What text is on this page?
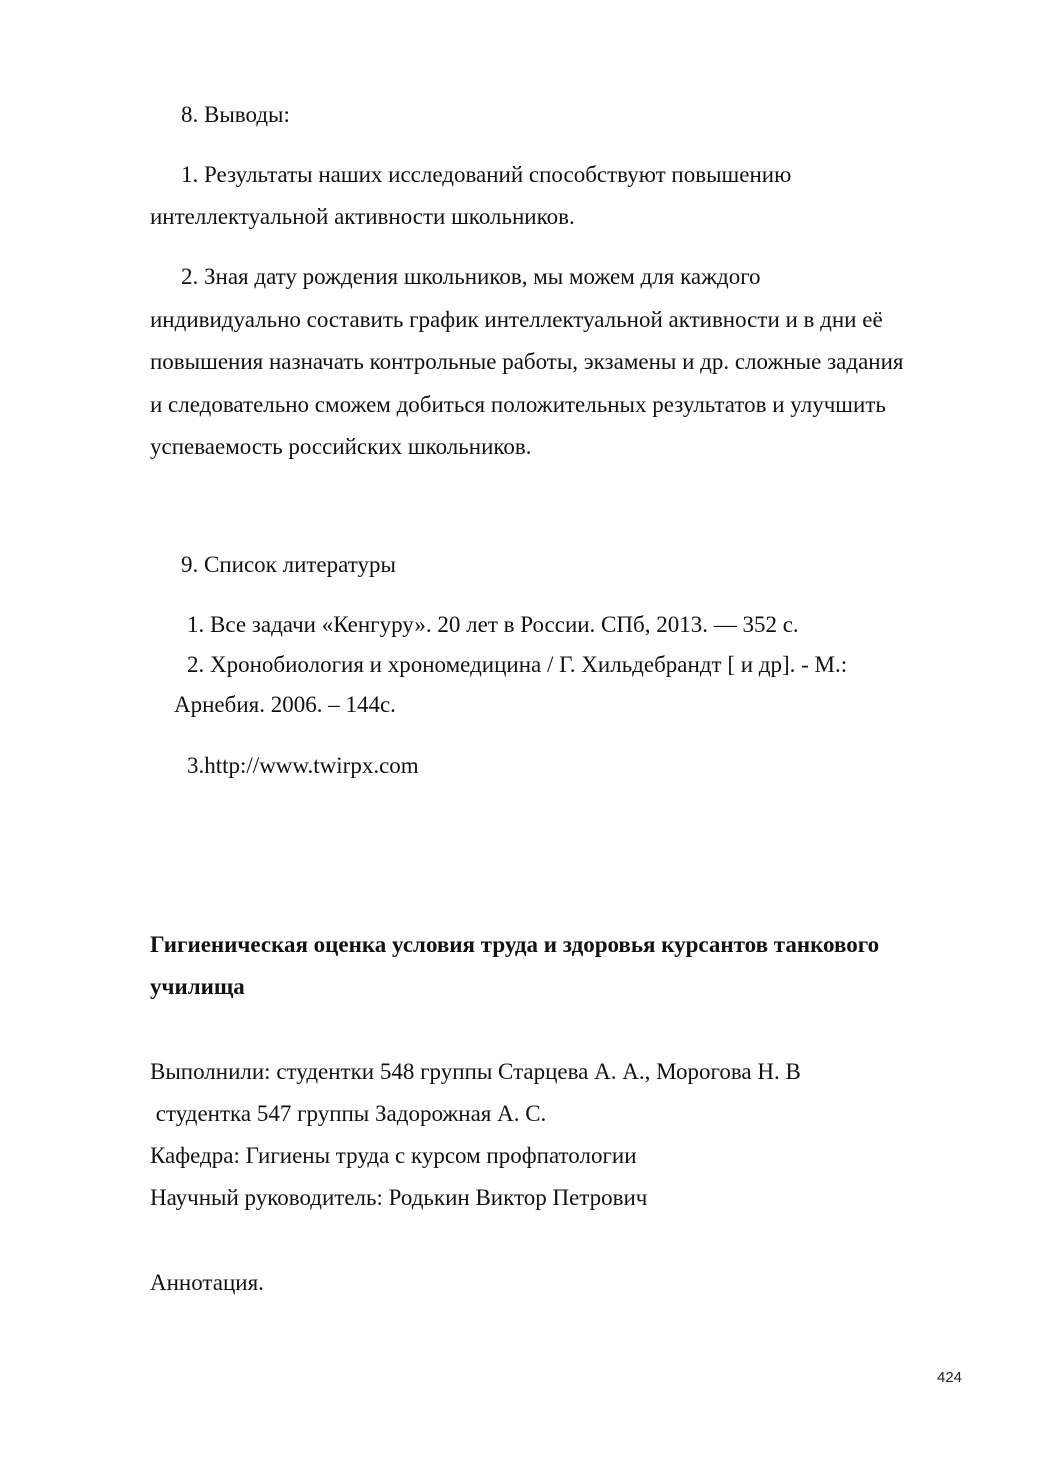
8. Выводы:
1. Результаты наших исследований способствуют повышению
интеллектуальной активности школьников.
2. Зная дату рождения школьников, мы можем для каждого
индивидуально составить график интеллектуальной активности и в дни её
повышения назначать контрольные работы, экзамены и др. сложные задания
и следовательно сможем добиться положительных результатов и улучшить
успеваемость российских школьников.
9. Список литературы
1. Все задачи «Кенгуру». 20 лет в России. СПб, 2013. — 352 с.
2. Хронобиология и хрономедицина / Г. Хильдебрандт [ и др]. - М.:
Арнебия. 2006. – 144с.
3.http://www.twirpx.com
Гигиеническая оценка условия труда и здоровья курсантов танкового
училища
Выполнили: студентки 548 группы Старцева А. А., Морогова Н. В
студентка 547 группы Задорожная А. С.
Кафедра: Гигиены труда с курсом профпатологии
Научный руководитель: Родькин Виктор Петрович
Аннотация.
424
